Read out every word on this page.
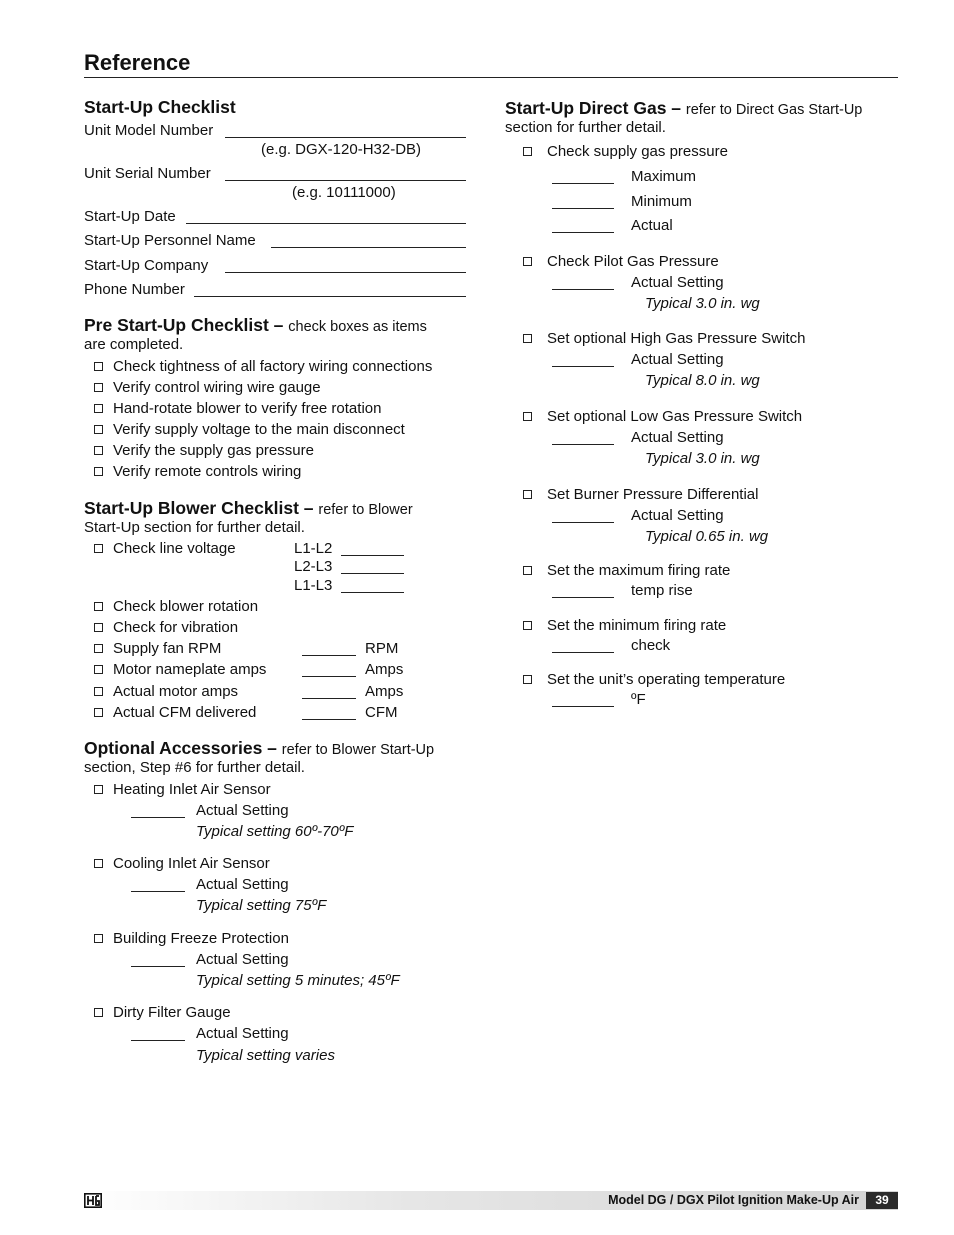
Reference
Start-Up Checklist
Unit Model Number
(e.g. DGX-120-H32-DB)
Unit Serial Number
(e.g. 10111000)
Start-Up Date
Start-Up Personnel Name
Start-Up Company
Phone Number
Pre Start-Up Checklist – check boxes as items
are completed.
Check tightness of all factory wiring connections
Verify control wiring wire gauge
Hand-rotate blower to verify free rotation
Verify supply voltage to the main disconnect
Verify the supply gas pressure
Verify remote controls wiring
Start-Up Blower Checklist – refer to Blower
Start-Up section for further detail.
Check line voltage	L1-L2
L2-L3
L1-L3
Check blower rotation
Check for vibration
Supply fan RPM	RPM
Motor nameplate amps	Amps
Actual motor amps	Amps
Actual CFM delivered	CFM
Optional Accessories – refer to Blower Start-Up
section, Step #6 for further detail.
Heating Inlet Air Sensor
Actual Setting
Typical setting 60º-70ºF
Cooling Inlet Air Sensor
Actual Setting
Typical setting 75ºF
Building Freeze Protection
Actual Setting
Typical setting 5 minutes; 45ºF
Dirty Filter Gauge
Actual Setting
Typical setting varies
Start-Up Direct Gas – refer to Direct Gas Start-Up
section for further detail.
Check supply gas pressure
Maximum
Minimum
Actual
Check Pilot Gas Pressure
Actual Setting
Typical 3.0 in. wg
Set optional High Gas Pressure Switch
Actual Setting
Typical 8.0 in. wg
Set optional Low Gas Pressure Switch
Actual Setting
Typical 3.0 in. wg
Set Burner Pressure Differential
Actual Setting
Typical 0.65 in. wg
Set the maximum firing rate
temp rise
Set the minimum firing rate
check
Set the unit’s operating temperature
ºF
Model DG / DGX Pilot Ignition Make-Up Air	39
